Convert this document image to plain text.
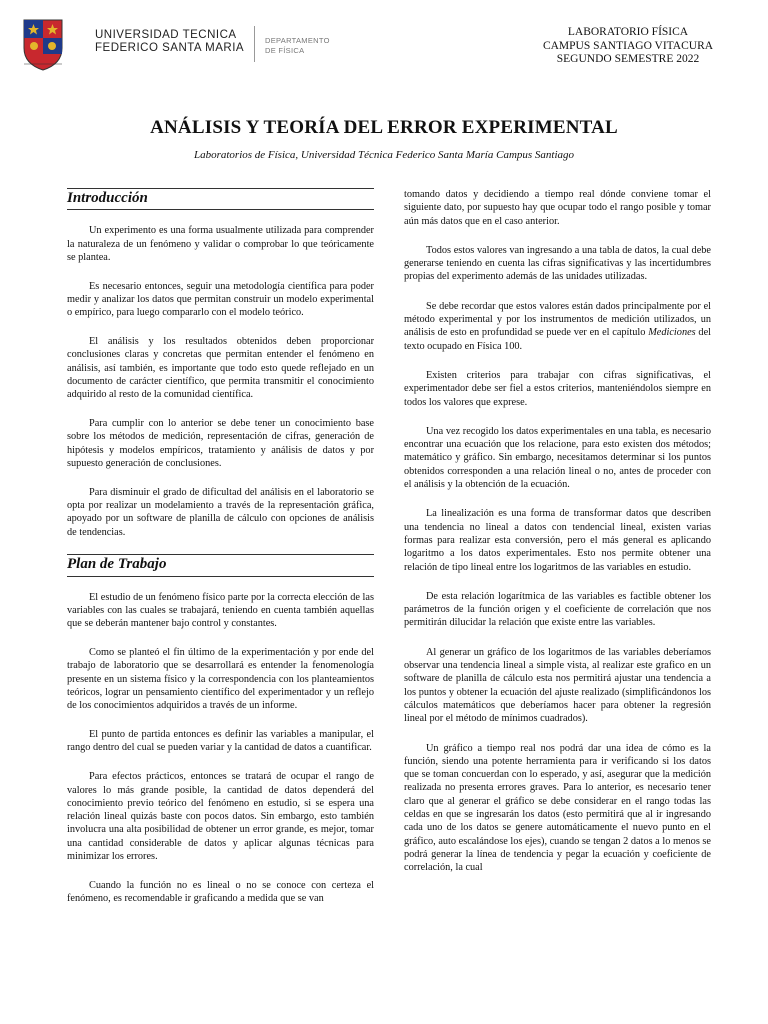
UNIVERSIDAD TECNICA
FEDERICO SANTA MARIA
DEPARTAMENTO
DE FÍSICA
LABORATORIO FÍSICA
CAMPUS SANTIAGO VITACURA
SEGUNDO SEMESTRE 2022
ANÁLISIS Y TEORÍA DEL ERROR EXPERIMENTAL
Laboratorios de Física, Universidad Técnica Federico Santa María Campus Santiago
Introducción

Un experimento es una forma usualmente utilizada para comprender la naturaleza de un fenómeno y validar o comprobar lo que teóricamente se plantea.

Es necesario entonces, seguir una metodología científica para poder medir y analizar los datos que permitan construir un modelo experimental o empírico, para luego compararlo con el modelo teórico.

El análisis y los resultados obtenidos deben proporcionar conclusiones claras y concretas que permitan entender el fenómeno en análisis, así también, es importante que todo esto quede reflejado en un documento de carácter científico, que permita transmitir el conocimiento adquirido al resto de la comunidad científica.

Para cumplir con lo anterior se debe tener un conocimiento base sobre los métodos de medición, representación de cifras, generación de hipótesis y modelos empíricos, tratamiento y análisis de datos y por supuesto generación de conclusiones.

Para disminuir el grado de dificultad del análisis en el laboratorio se opta por realizar un modelamiento a través de la representación gráfica, apoyado por un software de planilla de cálculo con opciones de análisis de tendencias.

Plan de Trabajo

El estudio de un fenómeno físico parte por la correcta elección de las variables con las cuales se trabajará, teniendo en cuenta también aquellas que se deberán mantener bajo control y constantes.

Como se planteó el fin último de la experimentación y por ende del trabajo de laboratorio que se desarrollará es entender la fenomenología presente en un sistema físico y la correspondencia con los planteamientos teóricos, lograr un pensamiento científico del experimentador y un reflejo de los conocimientos adquiridos a través de un informe.

El punto de partida entonces es definir las variables a manipular, el rango dentro del cual se pueden variar y la cantidad de datos a cuantificar.

Para efectos prácticos, entonces se tratará de ocupar el rango de valores lo más grande posible, la cantidad de datos dependerá del conocimiento previo teórico del fenómeno en estudio, si se espera una relación lineal quizás baste con pocos datos. Sin embargo, esto también involucra una alta posibilidad de obtener un error grande, es mejor, tomar una cantidad considerable de datos y aplicar algunas técnicas para minimizar los errores.

Cuando la función no es lineal o no se conoce con certeza el fenómeno, es recomendable ir graficando a medida que se van

tomando datos y decidiendo a tiempo real dónde conviene tomar el siguiente dato, por supuesto hay que ocupar todo el rango posible y tomar aún más datos que en el caso anterior.

Todos estos valores van ingresando a una tabla de datos, la cual debe generarse teniendo en cuenta las cifras significativas y las incertidumbres propias del experimento además de las unidades utilizadas.

Se debe recordar que estos valores están dados principalmente por el método experimental y por los instrumentos de medición utilizados, un análisis de esto en profundidad se puede ver en el capítulo Mediciones del texto ocupado en Física 100.

Existen criterios para trabajar con cifras significativas, el experimentador debe ser fiel a estos criterios, manteniéndolos siempre en todos los valores que exprese.

Una vez recogido los datos experimentales en una tabla, es necesario encontrar una ecuación que los relacione, para esto existen dos métodos; matemático y gráfico. Sin embargo, necesitamos determinar si los puntos obtenidos corresponden a una relación lineal o no, antes de proceder con el análisis y la obtención de la ecuación.

La linealización es una forma de transformar datos que describen una tendencia no lineal a datos con tendencial lineal, existen varias formas para realizar esta conversión, pero el más general es aplicando logaritmo a los datos experimentales. Esto nos permite obtener una relación de tipo lineal entre los logaritmos de las variables en estudio.

De esta relación logarítmica de las variables es factible obtener los parámetros de la función origen y el coeficiente de correlación que nos permitirán dilucidar la relación que existe entre las variables.

Al generar un gráfico de los logaritmos de las variables deberíamos observar una tendencia lineal a simple vista, al realizar este grafico en un software de planilla de cálculo esta nos permitirá ajustar una tendencia a los puntos y obtener la ecuación del ajuste realizado (simplificándonos los cálculos matemáticos que deberíamos hacer para obtener la regresión lineal por el método de mínimos cuadrados).

Un gráfico a tiempo real nos podrá dar una idea de cómo es la función, siendo una potente herramienta para ir verificando si los datos que se toman concuerdan con lo esperado, y así, asegurar que la medición realizada no presenta errores graves. Para lo anterior, es necesario tener claro que al generar el gráfico se debe considerar en el rango todas las celdas en que se ingresarán los datos (esto permitirá que al ir ingresando cada uno de los datos se genere automáticamente el nuevo punto en el gráfico, auto escalándose los ejes), cuando se tengan 2 datos a lo menos se podrá generar la línea de tendencia y pegar la ecuación y coeficiente de correlación, la cual
